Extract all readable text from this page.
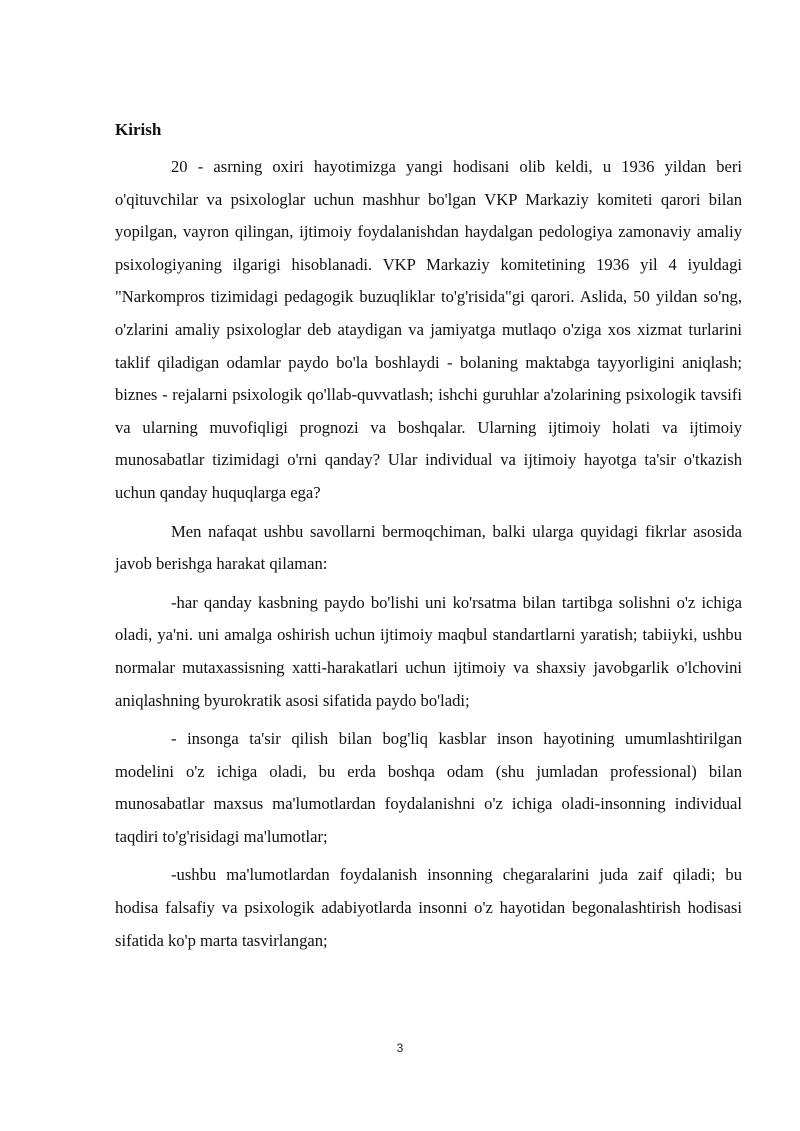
Kirish

20 - asrning oxiri hayotimizga yangi hodisani olib keldi, u 1936 yildan beri o'qituvchilar va psixologlar uchun mashhur bo'lgan VKP Markaziy komiteti qarori bilan yopilgan, vayron qilingan, ijtimoiy foydalanishdan haydalgan pedologiya zamonaviy amaliy psixologiyaning ilgarigi hisoblanadi. VKP Markaziy komitetining 1936 yil 4 iyuldagi "Narkompros tizimidagi pedagogik buzuqliklar to'g'risida"gi qarori. Aslida, 50 yildan so'ng, o'zlarini amaliy psixologlar deb ataydigan va jamiyatga mutlaqo o'ziga xos xizmat turlarini taklif qiladigan odamlar paydo bo'la boshlaydi - bolaning maktabga tayyorligini aniqlash; biznes - rejalarni psixologik qo'llab-quvvatlash; ishchi guruhlar a'zolarining psixologik tavsifi va ularning muvofiqligi prognozi va boshqalar. Ularning ijtimoiy holati va ijtimoiy munosabatlar tizimidagi o'rni qanday? Ular individual va ijtimoiy hayotga ta'sir o'tkazish uchun qanday huquqlarga ega?

Men nafaqat ushbu savollarni bermoqchiman, balki ularga quyidagi fikrlar asosida javob berishga harakat qilaman:

-har qanday kasbning paydo bo'lishi uni ko'rsatma bilan tartibga solishni o'z ichiga oladi, ya'ni. uni amalga oshirish uchun ijtimoiy maqbul standartlarni yaratish; tabiiyki, ushbu normalar mutaxassisning xatti-harakatlari uchun ijtimoiy va shaxsiy javobgarlik o'lchovini aniqlashning byurokratik asosi sifatida paydo bo'ladi;

- insonga ta'sir qilish bilan bog'liq kasblar inson hayotining umumlashtirilgan modelini o'z ichiga oladi, bu erda boshqa odam (shu jumladan professional) bilan munosabatlar maxsus ma'lumotlardan foydalanishni o'z ichiga oladi-insonning individual taqdiri to'g'risidagi ma'lumotlar;

-ushbu ma'lumotlardan foydalanish insonning chegaralarini juda zaif qiladi; bu hodisa falsafiy va psixologik adabiyotlarda insonni o'z hayotidan begonalashtirish hodisasi sifatida ko'p marta tasvirlangan;

3
